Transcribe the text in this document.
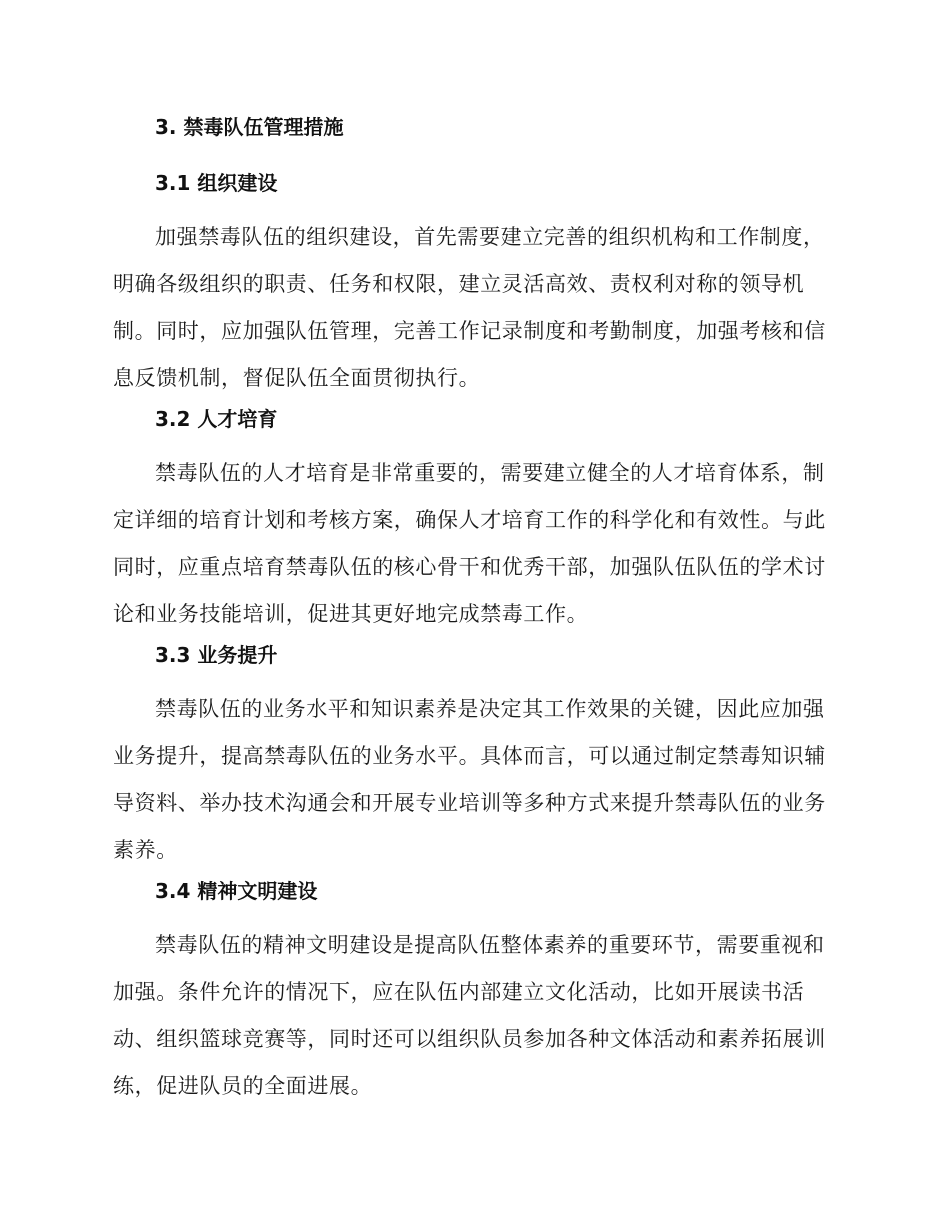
3. 禁毒队伍管理措施
3.1 组织建设
加强禁毒队伍的组织建设，首先需要建立完善的组织机构和工作制度，
明确各级组织的职责、任务和权限，建立灵活高效、责权利对称的领导机
制。同时，应加强队伍管理，完善工作记录制度和考勤制度，加强考核和信
息反馈机制，督促队伍全面贯彻执行。
3.2 人才培育
禁毒队伍的人才培育是非常重要的，需要建立健全的人才培育体系，制
定详细的培育计划和考核方案，确保人才培育工作的科学化和有效性。与此
同时，应重点培育禁毒队伍的核心骨干和优秀干部，加强队伍队伍的学术讨
论和业务技能培训，促进其更好地完成禁毒工作。
3.3 业务提升
禁毒队伍的业务水平和知识素养是决定其工作效果的关键，因此应加强
业务提升，提高禁毒队伍的业务水平。具体而言，可以通过制定禁毒知识辅
导资料、举办技术沟通会和开展专业培训等多种方式来提升禁毒队伍的业务
素养。
3.4 精神文明建设
禁毒队伍的精神文明建设是提高队伍整体素养的重要环节，需要重视和
加强。条件允许的情况下，应在队伍内部建立文化活动，比如开展读书活
动、组织篮球竞赛等，同时还可以组织队员参加各种文体活动和素养拓展训
练，促进队员的全面进展。
